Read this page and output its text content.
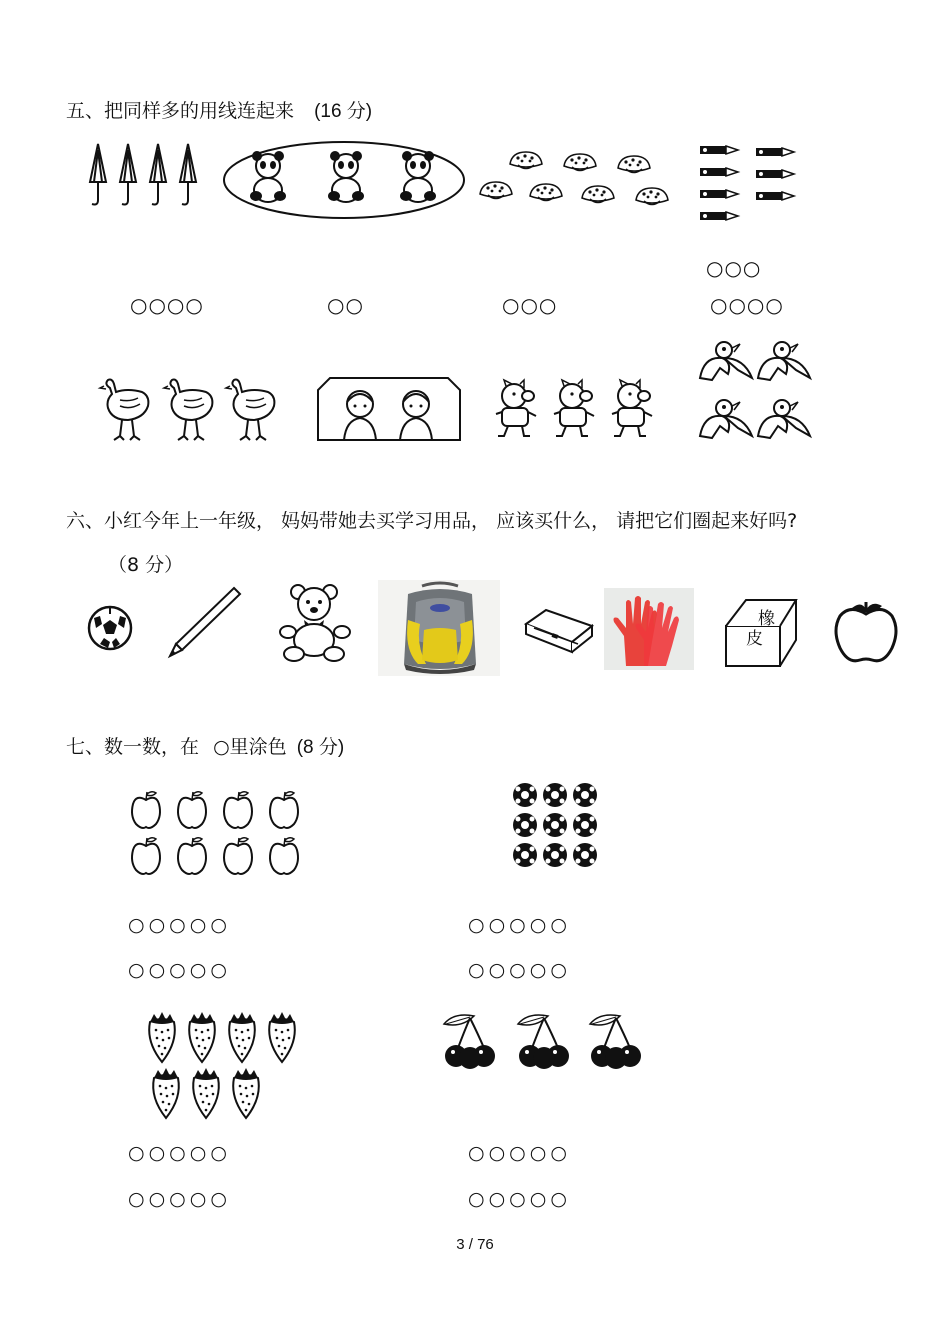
五、把同样多的用线连起来 (16 分)
○○○○	○○	○○○
○○○
○○○○
六、小红今年上一年级， 妈妈带她去买学习用品， 应该买什么， 请把它们圈起来好吗?
（8 分）
橡
皮
七、数一数，在 ○里涂色 (8 分)
○○○○○
○○○○○
○○○○○
○○○○○
○○○○○
○○○○○
○○○○○
○○○○○
3 / 76
